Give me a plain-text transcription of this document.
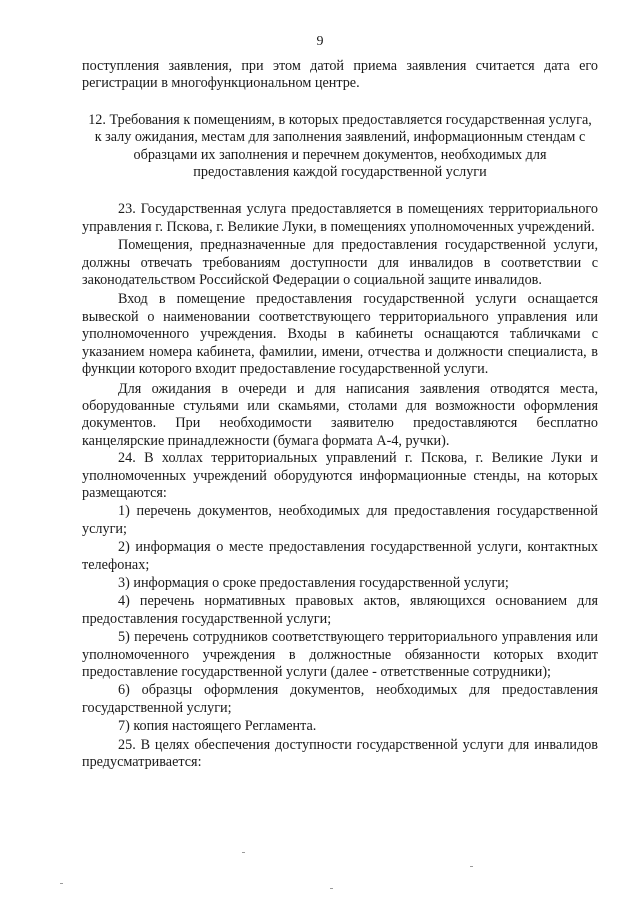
9

поступления заявления, при этом датой приема заявления считается дата его регистрации в многофункциональном центре.

12. Требования к помещениям, в которых предоставляется государственная услуга, к залу ожидания, местам для заполнения заявлений, информационным стендам с образцами их заполнения и перечнем документов, необходимых для предоставления каждой государственной услуги

23. Государственная услуга предоставляется в помещениях территориального управления г. Пскова, г. Великие Луки, в помещениях уполномоченных учреждений.

Помещения, предназначенные для предоставления государственной услуги, должны отвечать требованиям доступности для инвалидов в соответствии с законодательством Российской Федерации о социальной защите инвалидов.

Вход в помещение предоставления государственной услуги оснащается вывеской о наименовании соответствующего территориального управления или уполномоченного учреждения. Входы в кабинеты оснащаются табличками с указанием номера кабинета, фамилии, имени, отчества и должности специалиста, в функции которого входит предоставление государственной услуги.

Для ожидания в очереди и для написания заявления отводятся места, оборудованные стульями или скамьями, столами для возможности оформления документов. При необходимости заявителю предоставляются бесплатно канцелярские принадлежности (бумага формата А-4, ручки).

24. В холлах территориальных управлений г. Пскова, г. Великие Луки и уполномоченных учреждений оборудуются информационные стенды, на которых размещаются:

1) перечень документов, необходимых для предоставления государственной услуги;

2) информация о месте предоставления государственной услуги, контактных телефонах;

3) информация о сроке предоставления государственной услуги;

4) перечень нормативных правовых актов, являющихся основанием для предоставления государственной услуги;

5) перечень сотрудников соответствующего территориального управления или уполномоченного учреждения в должностные обязанности которых входит предоставление государственной услуги (далее - ответственные сотрудники);

6) образцы оформления документов, необходимых для предоставления государственной услуги;

7) копия настоящего Регламента.

25. В целях обеспечения доступности государственной услуги для инвалидов предусматривается:
